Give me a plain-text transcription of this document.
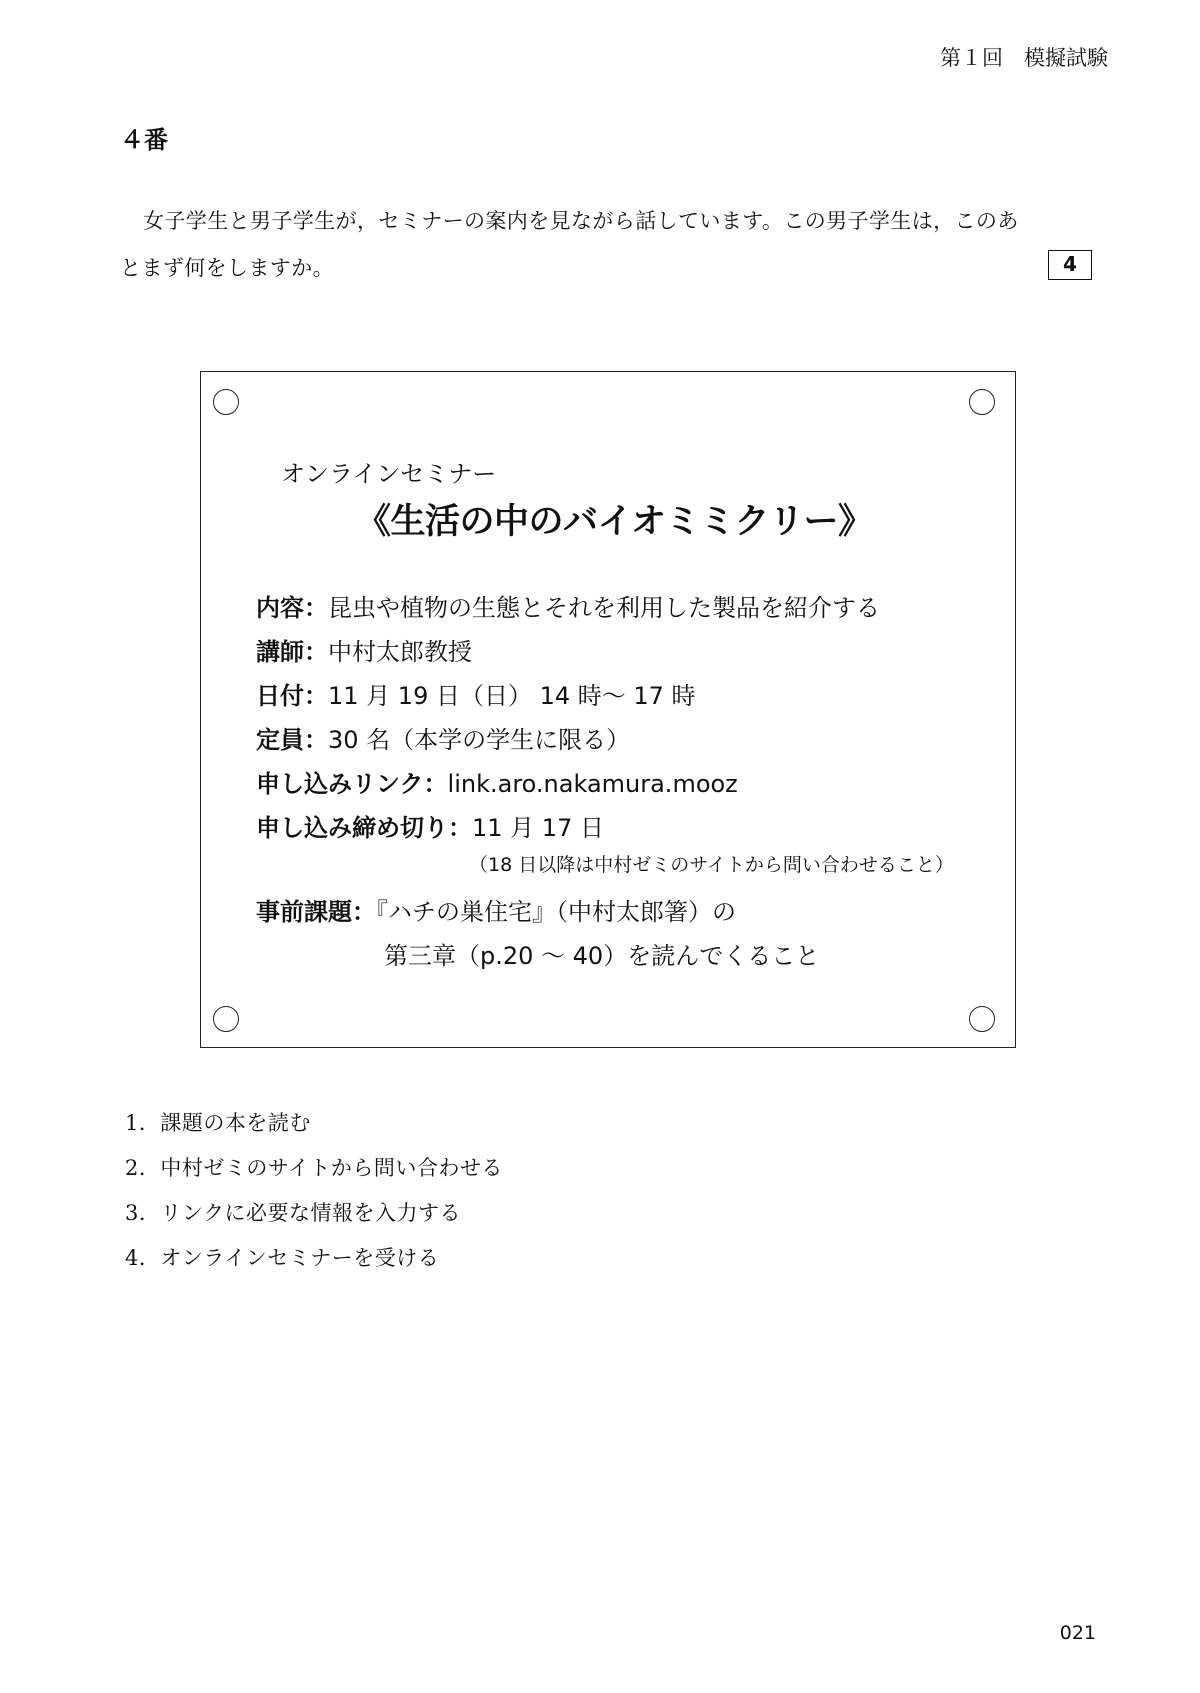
第１回　模擬試験
４番
女子学生と男子学生が，セミナーの案内を見ながら話しています。この男子学生は，このあ
とまず何をしますか。	4
オンラインセミナー
《生活の中のバイオミミクリー》
内容：昆虫や植物の生態とそれを利用した製品を紹介する
講師：中村太郎教授
日付：11 月 19 日（日） 14 時～ 17 時
定員：30 名（本学の学生に限る）
申し込みリンク：link.aro.nakamura.mooz
申し込み締め切り：11 月 17 日
（18 日以降は中村ゼミのサイトから問い合わせること）
事前課題：『ハチの巣住宅』（中村太郎箸）の
第三章（p.20 ～ 40）を読んでくること
1．課題の本を読む
2．中村ゼミのサイトから問い合わせる
3．リンクに必要な情報を入力する
4．オンラインセミナーを受ける
021
